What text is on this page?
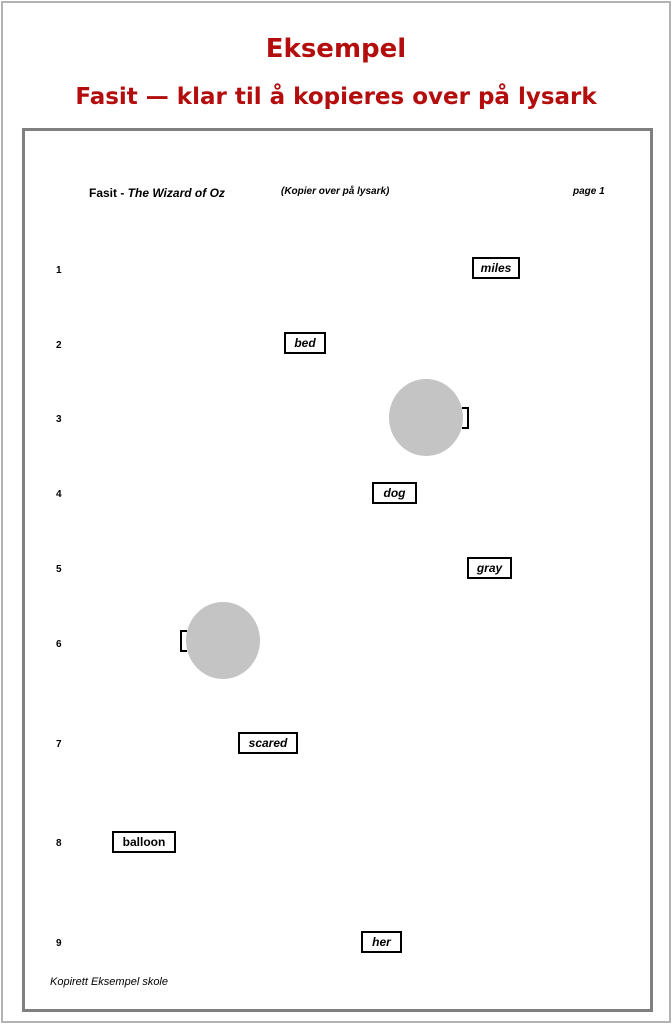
Eksempel
Fasit — klar til å kopieres over på lysark
Fasit - The Wizard of Oz	(Kopier over på lysark)	page 1
1
2
3
4
5
6
7
8
9
miles
bed
dog
gray
scared
balloon
her
Kopirett Eksempel skole
